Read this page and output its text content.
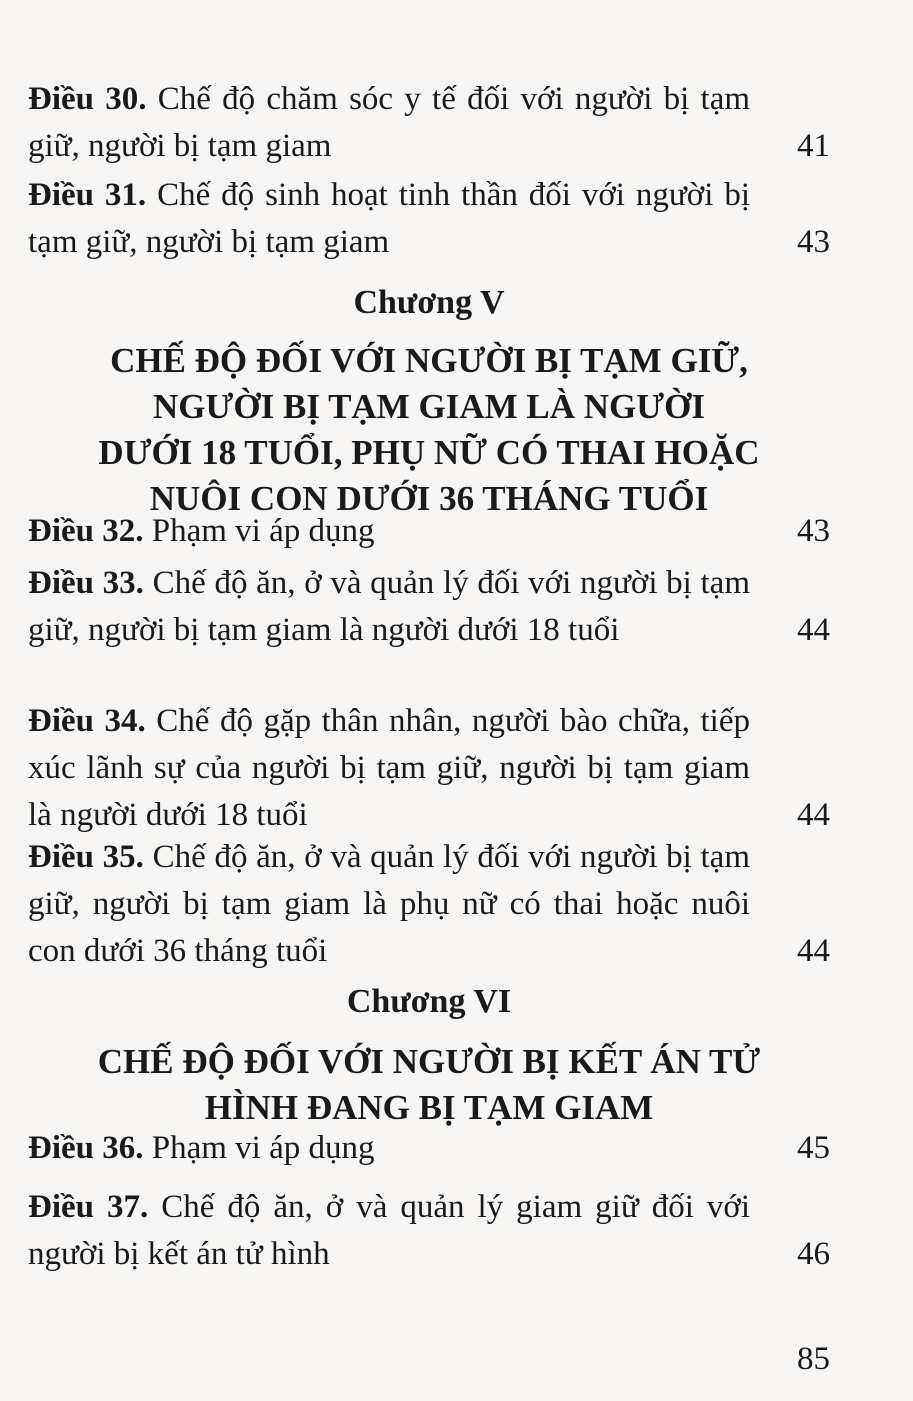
Điều 30. Chế độ chăm sóc y tế đối với người bị tạm giữ, người bị tạm giam	41
Điều 31. Chế độ sinh hoạt tinh thần đối với người bị tạm giữ, người bị tạm giam	43
Chương V
CHẾ ĐỘ ĐỐI VỚI NGƯỜI BỊ TẠM GIỮ,
NGƯỜI BỊ TẠM GIAM LÀ NGƯỜI
DƯỚI 18 TUỔI, PHỤ NỮ CÓ THAI HOẶC
NUÔI CON DƯỚI 36 THÁNG TUỔI
Điều 32. Phạm vi áp dụng	43
Điều 33. Chế độ ăn, ở và quản lý đối với người bị tạm giữ, người bị tạm giam là người dưới 18 tuổi	44
Điều 34. Chế độ gặp thân nhân, người bào chữa, tiếp xúc lãnh sự của người bị tạm giữ, người bị tạm giam là người dưới 18 tuổi	44
Điều 35. Chế độ ăn, ở và quản lý đối với người bị tạm giữ, người bị tạm giam là phụ nữ có thai hoặc nuôi con dưới 36 tháng tuổi	44
Chương VI
CHẾ ĐỘ ĐỐI VỚI NGƯỜI BỊ KẾT ÁN TỬ
HÌNH ĐANG BỊ TẠM GIAM
Điều 36. Phạm vi áp dụng	45
Điều 37. Chế độ ăn, ở và quản lý giam giữ đối với người bị kết án tử hình	46
85
